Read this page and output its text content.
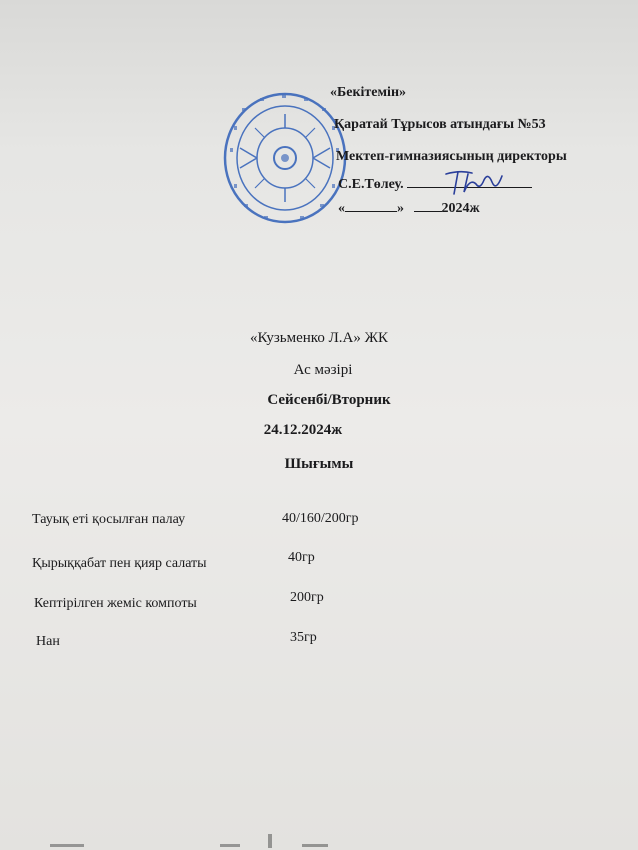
«Бекітемін»
Қаратай Тұрысов атындағы №53
Мектеп-гимназиясының директоры
С.Е.Төлеу.
«	»	2024ж
«Кузьменко Л.А» ЖК
Ас мәзірі
Сейсенбі/Вторник
24.12.2024ж
Шығымы
Тауық еті қосылған палау	40/160/200гр
Қырыққабат пен қияр салаты	40гр
Кептірілген жеміс компоты	200гр
Нан	35гр
